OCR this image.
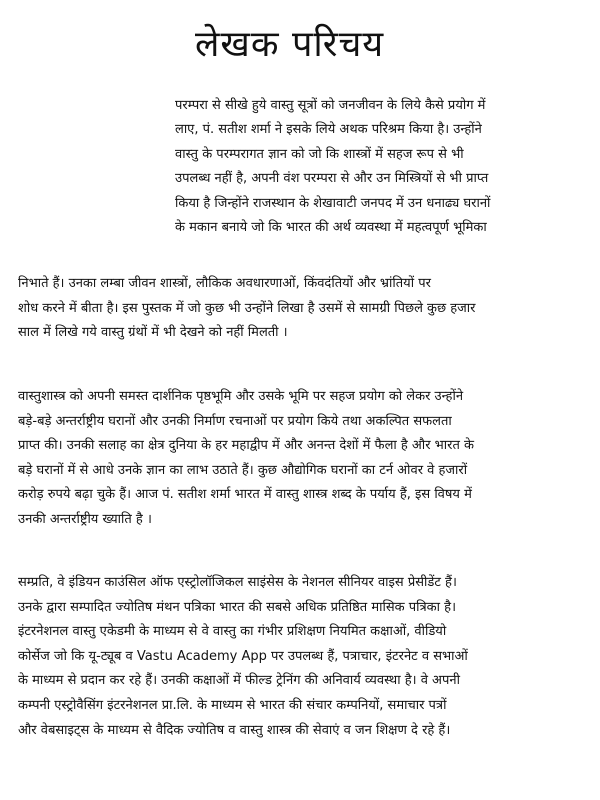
लेखक परिचय
परम्परा से सीखे हुये वास्तु सूत्रों को जनजीवन के लिये कैसे प्रयोग में
लाए, पं. सतीश शर्मा ने इसके लिये अथक परिश्रम किया है। उन्होंने
वास्तु के परम्परागत ज्ञान को जो कि शास्त्रों में सहज रूप से भी
उपलब्ध नहीं है, अपनी वंश परम्परा से और उन मिस्त्रियों से भी प्राप्त
किया है जिन्होंने राजस्थान के शेखावाटी जनपद में उन धनाढ्य घरानों
के मकान बनाये जो कि भारत की अर्थ व्यवस्था में महत्वपूर्ण भूमिका
निभाते हैं। उनका लम्बा जीवन शास्त्रों, लौकिक अवधारणाओं, किंवदंतियों और भ्रांतियों पर
शोध करने में बीता है। इस पुस्तक में जो कुछ भी उन्होंने लिखा है उसमें से सामग्री पिछले कुछ हजार
साल में लिखे गये वास्तु ग्रंथों में भी देखने को नहीं मिलती ।
वास्तुशास्त्र को अपनी समस्त दार्शनिक पृष्ठभूमि और उसके भूमि पर सहज प्रयोग को लेकर उन्होंने
बड़े-बड़े अन्तर्राष्ट्रीय घरानों और उनकी निर्माण रचनाओं पर प्रयोग किये तथा अकल्पित सफलता
प्राप्त की। उनकी सलाह का क्षेत्र दुनिया के हर महाद्वीप में और अनन्त देशों में फैला है और भारत के
बड़े घरानों में से आधे उनके ज्ञान का लाभ उठाते हैं। कुछ औद्योगिक घरानों का टर्न ओवर वे हजारों
करोड़ रुपये बढ़ा चुके हैं। आज पं. सतीश शर्मा भारत में वास्तु शास्त्र शब्द के पर्याय हैं, इस विषय में
उनकी अन्तर्राष्ट्रीय ख्याति है ।
सम्प्रति, वे इंडियन काउंसिल ऑफ एस्ट्रोलॉजिकल साइंसेस के नेशनल सीनियर वाइस प्रेसीडेंट हैं।
उनके द्वारा सम्पादित ज्योतिष मंथन पत्रिका भारत की सबसे अधिक प्रतिष्ठित मासिक पत्रिका है।
इंटरनेशनल वास्तु एकेडमी के माध्यम से वे वास्तु का गंभीर प्रशिक्षण नियमित कक्षाओं, वीडियो
कोर्सेज जो कि यू-ट्यूब व Vastu Academy App पर उपलब्ध हैं, पत्राचार, इंटरनेट व सभाओं
के माध्यम से प्रदान कर रहे हैं। उनकी कक्षाओं में फील्ड ट्रेनिंग की अनिवार्य व्यवस्था है। वे अपनी
कम्पनी एस्ट्रोवैसिंग इंटरनेशनल प्रा.लि. के माध्यम से भारत की संचार कम्पनियों, समाचार पत्रों
और वेबसाइट्स के माध्यम से वैदिक ज्योतिष व वास्तु शास्त्र की सेवाएं व जन शिक्षण दे रहे हैं।
